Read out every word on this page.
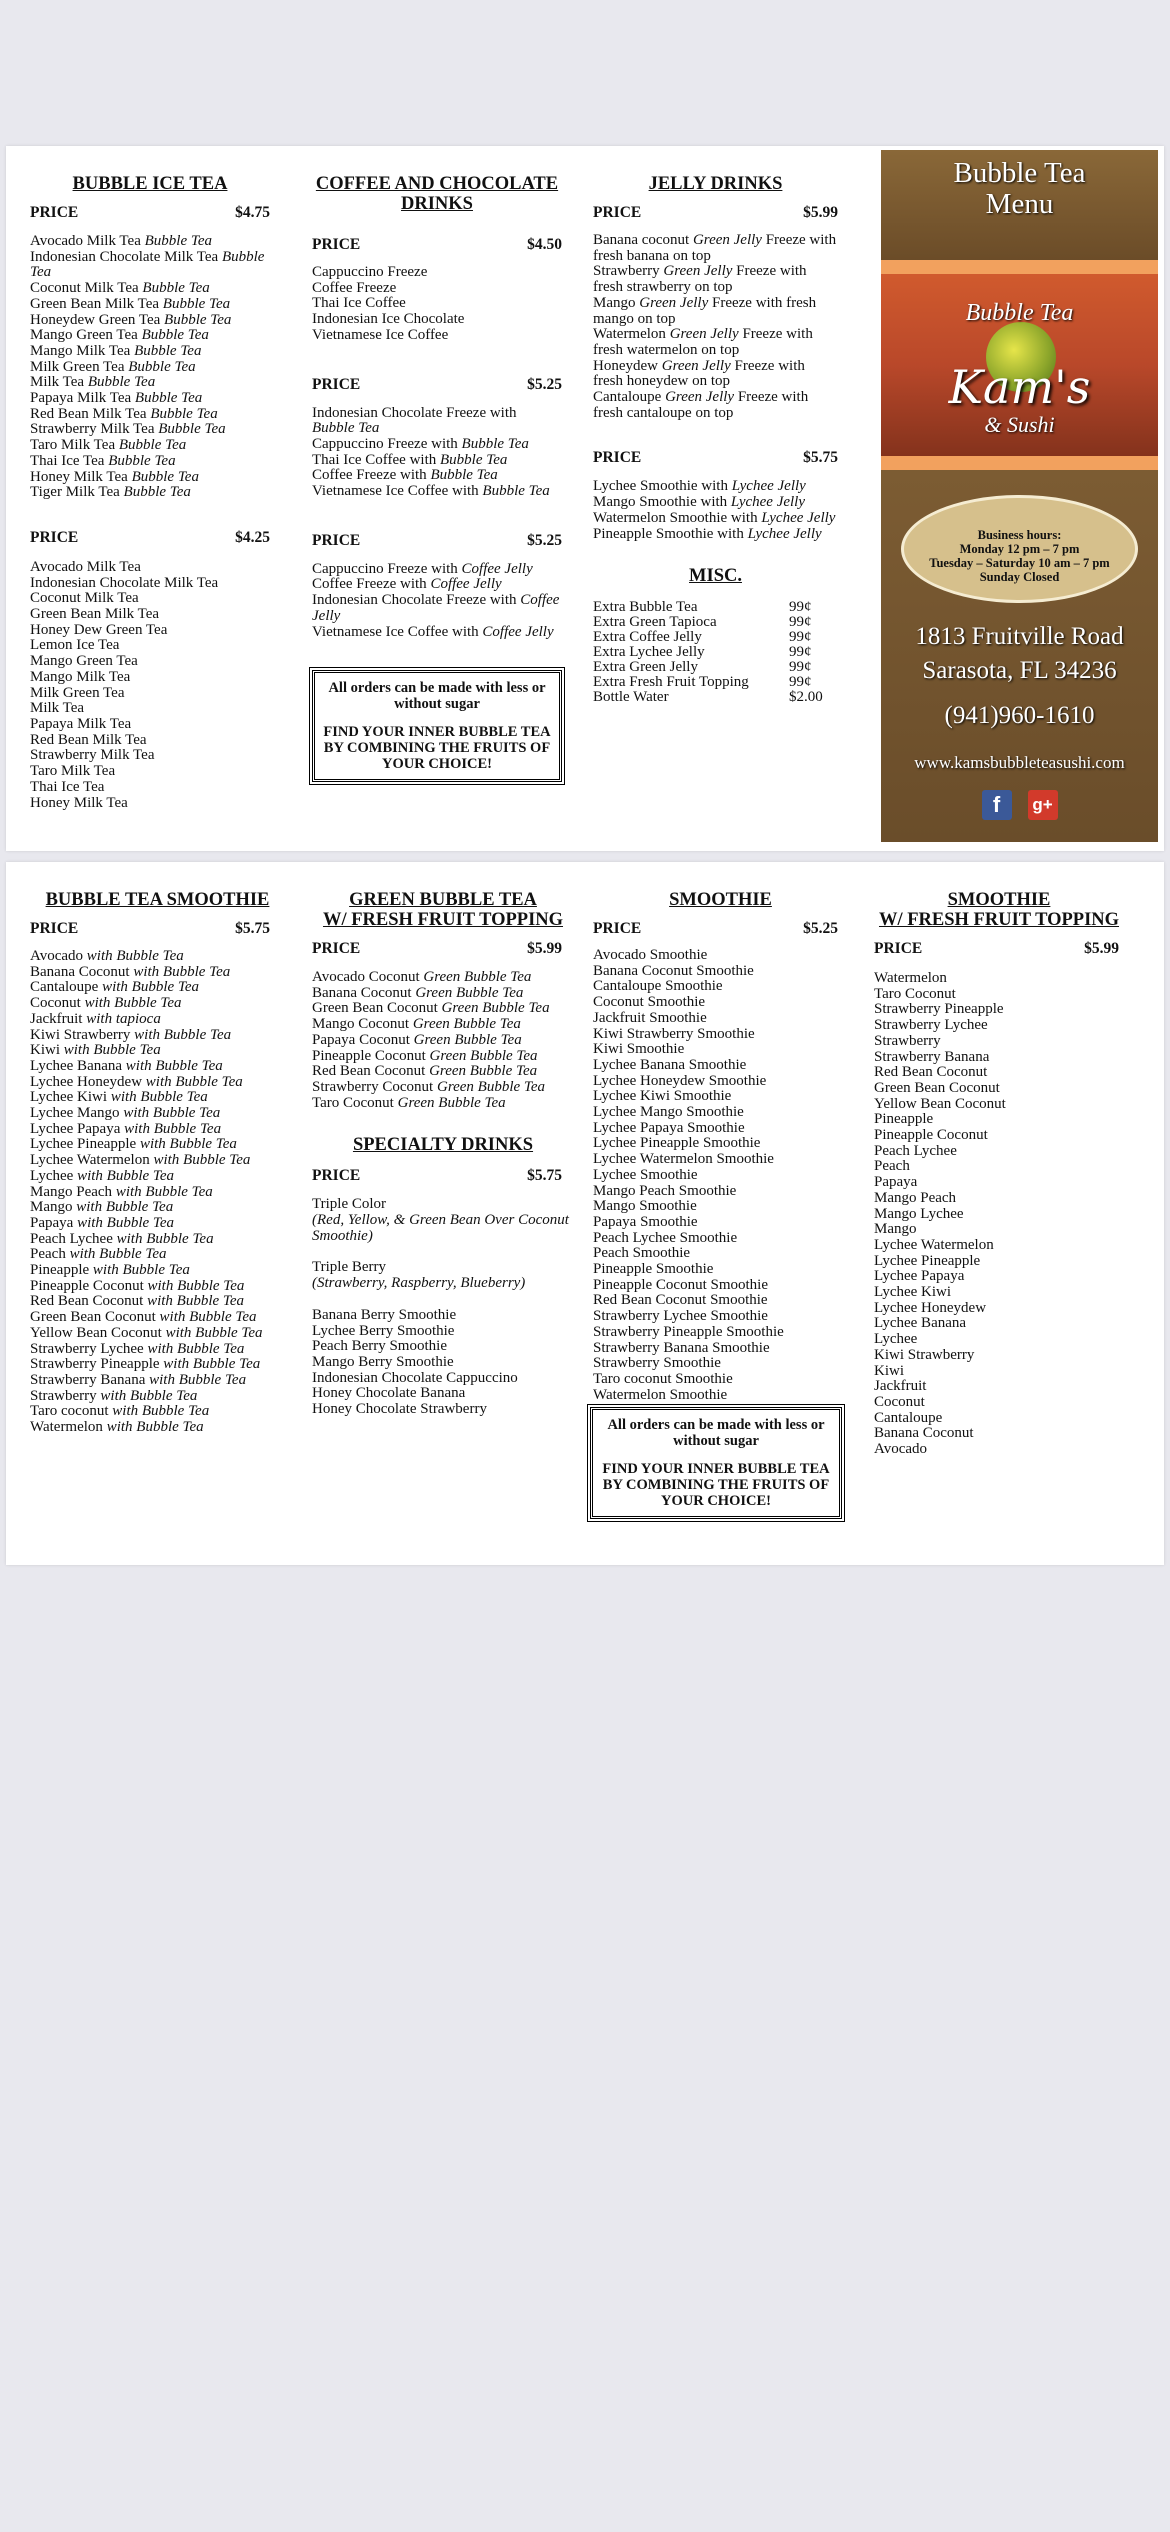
BUBBLE ICE TEA

PRICE	$4.75
Avocado Milk Tea Bubble Tea
Indonesian Chocolate Milk Tea Bubble Tea
Coconut Milk Tea Bubble Tea
Green Bean Milk Tea Bubble Tea
Honeydew Green Tea Bubble Tea
Mango Green Tea Bubble Tea
Mango Milk Tea Bubble Tea
Milk Green Tea Bubble Tea
Milk Tea Bubble Tea
Papaya Milk Tea Bubble Tea
Red Bean Milk Tea Bubble Tea
Strawberry Milk Tea Bubble Tea
Taro Milk Tea Bubble Tea
Thai Ice Tea Bubble Tea
Honey Milk Tea Bubble Tea
Tiger Milk Tea Bubble Tea
PRICE	$4.25
Avocado Milk Tea
Indonesian Chocolate Milk Tea
Coconut Milk Tea
Green Bean Milk Tea
Honey Dew Green Tea
Lemon Ice Tea
Mango Green Tea
Mango Milk Tea
Milk Green Tea
Milk Tea
Papaya Milk Tea
Red Bean Milk Tea
Strawberry Milk Tea
Taro Milk Tea
Thai Ice Tea
Honey Milk Tea

COFFEE AND CHOCOLATE DRINKS

PRICE	$4.50
Cappuccino Freeze
Coffee Freeze
Thai Ice Coffee
Indonesian Ice Chocolate
Vietnamese Ice Coffee
PRICE	$5.25
Indonesian Chocolate Freeze with Bubble Tea
Cappuccino Freeze with Bubble Tea
Thai Ice Coffee with Bubble Tea
Coffee Freeze with Bubble Tea
Vietnamese Ice Coffee with Bubble Tea
PRICE	$5.25
Cappuccino Freeze with Coffee Jelly
Coffee Freeze with Coffee Jelly
Indonesian Chocolate Freeze with Coffee Jelly
Vietnamese Ice Coffee with Coffee Jelly

All orders can be made with less or without sugar

FIND YOUR INNER BUBBLE TEA BY COMBINING THE FRUITS OF YOUR CHOICE!

JELLY DRINKS

PRICE	$5.99
Banana coconut Green Jelly Freeze with fresh banana on top
Strawberry Green Jelly Freeze with fresh strawberry on top
Mango Green Jelly Freeze with fresh mango on top
Watermelon Green Jelly Freeze with fresh watermelon on top
Honeydew Green Jelly Freeze with fresh honeydew on top
Cantaloupe Green Jelly Freeze with fresh cantaloupe on top
PRICE	$5.75
Lychee Smoothie with Lychee Jelly
Mango Smoothie with Lychee Jelly
Watermelon Smoothie with Lychee Jelly
Pineapple Smoothie with Lychee Jelly

MISC.

Extra Bubble Tea	99¢
Extra Green Tapioca	99¢
Extra Coffee Jelly	99¢
Extra Lychee Jelly	99¢
Extra Green Jelly	99¢
Extra Fresh Fruit Topping	99¢
Bottle Water	$2.00
Bubble Tea Menu
Bubble Tea
Kam's
& Sushi

Business hours:

Monday 12 pm – 7 pm

Tuesday – Saturday 10 am – 7 pm

Sunday Closed

1813 Fruitville Road
Sarasota, FL 34236
(941)960-1610
www.kamsbubbleteasushi.com
f	g+

BUBBLE TEA SMOOTHIE

PRICE	$5.75
Avocado with Bubble Tea
Banana Coconut with Bubble Tea
Cantaloupe with Bubble Tea
Coconut with Bubble Tea
Jackfruit with tapioca
Kiwi Strawberry with Bubble Tea
Kiwi with Bubble Tea
Lychee Banana with Bubble Tea
Lychee Honeydew with Bubble Tea
Lychee Kiwi with Bubble Tea
Lychee Mango with Bubble Tea
Lychee Papaya with Bubble Tea
Lychee Pineapple with Bubble Tea
Lychee Watermelon with Bubble Tea
Lychee with Bubble Tea
Mango Peach with Bubble Tea
Mango with Bubble Tea
Papaya with Bubble Tea
Peach Lychee with Bubble Tea
Peach with Bubble Tea
Pineapple with Bubble Tea
Pineapple Coconut with Bubble Tea
Red Bean Coconut with Bubble Tea
Green Bean Coconut with Bubble Tea
Yellow Bean Coconut with Bubble Tea
Strawberry Lychee with Bubble Tea
Strawberry Pineapple with Bubble Tea
Strawberry Banana with Bubble Tea
Strawberry with Bubble Tea
Taro coconut with Bubble Tea
Watermelon with Bubble Tea

GREEN BUBBLE TEA

W/ FRESH FRUIT TOPPING

PRICE	$5.99
Avocado Coconut Green Bubble Tea
Banana Coconut Green Bubble Tea
Green Bean Coconut Green Bubble Tea
Mango Coconut Green Bubble Tea
Papaya Coconut Green Bubble Tea
Pineapple Coconut Green Bubble Tea
Red Bean Coconut Green Bubble Tea
Strawberry Coconut Green Bubble Tea
Taro Coconut Green Bubble Tea

SPECIALTY DRINKS

PRICE	$5.75
Triple Color
(Red, Yellow, & Green Bean Over Coconut Smoothie)
Triple Berry
(Strawberry, Raspberry, Blueberry)
Banana Berry Smoothie
Lychee Berry Smoothie
Peach Berry Smoothie
Mango Berry Smoothie
Indonesian Chocolate Cappuccino
Honey Chocolate Banana
Honey Chocolate Strawberry

SMOOTHIE

PRICE	$5.25
Avocado Smoothie
Banana Coconut Smoothie
Cantaloupe Smoothie
Coconut Smoothie
Jackfruit Smoothie
Kiwi Strawberry Smoothie
Kiwi Smoothie
Lychee Banana Smoothie
Lychee Honeydew Smoothie
Lychee Kiwi Smoothie
Lychee Mango Smoothie
Lychee Papaya Smoothie
Lychee Pineapple Smoothie
Lychee Watermelon Smoothie
Lychee Smoothie
Mango Peach Smoothie
Mango Smoothie
Papaya Smoothie
Peach Lychee Smoothie
Peach Smoothie
Pineapple Smoothie
Pineapple Coconut Smoothie
Red Bean Coconut Smoothie
Strawberry Lychee Smoothie
Strawberry Pineapple Smoothie
Strawberry Banana Smoothie
Strawberry Smoothie
Taro coconut Smoothie
Watermelon Smoothie

All orders can be made with less or without sugar

FIND YOUR INNER BUBBLE TEA BY COMBINING THE FRUITS OF YOUR CHOICE!

SMOOTHIE

W/ FRESH FRUIT TOPPING

PRICE	$5.99
Watermelon
Taro Coconut
Strawberry Pineapple
Strawberry Lychee
Strawberry
Strawberry Banana
Red Bean Coconut
Green Bean Coconut
Yellow Bean Coconut
Pineapple
Pineapple Coconut
Peach Lychee
Peach
Papaya
Mango Peach
Mango Lychee
Mango
Lychee Watermelon
Lychee Pineapple
Lychee Papaya
Lychee Kiwi
Lychee Honeydew
Lychee Banana
Lychee
Kiwi Strawberry
Kiwi
Jackfruit
Coconut
Cantaloupe
Banana Coconut
Avocado
